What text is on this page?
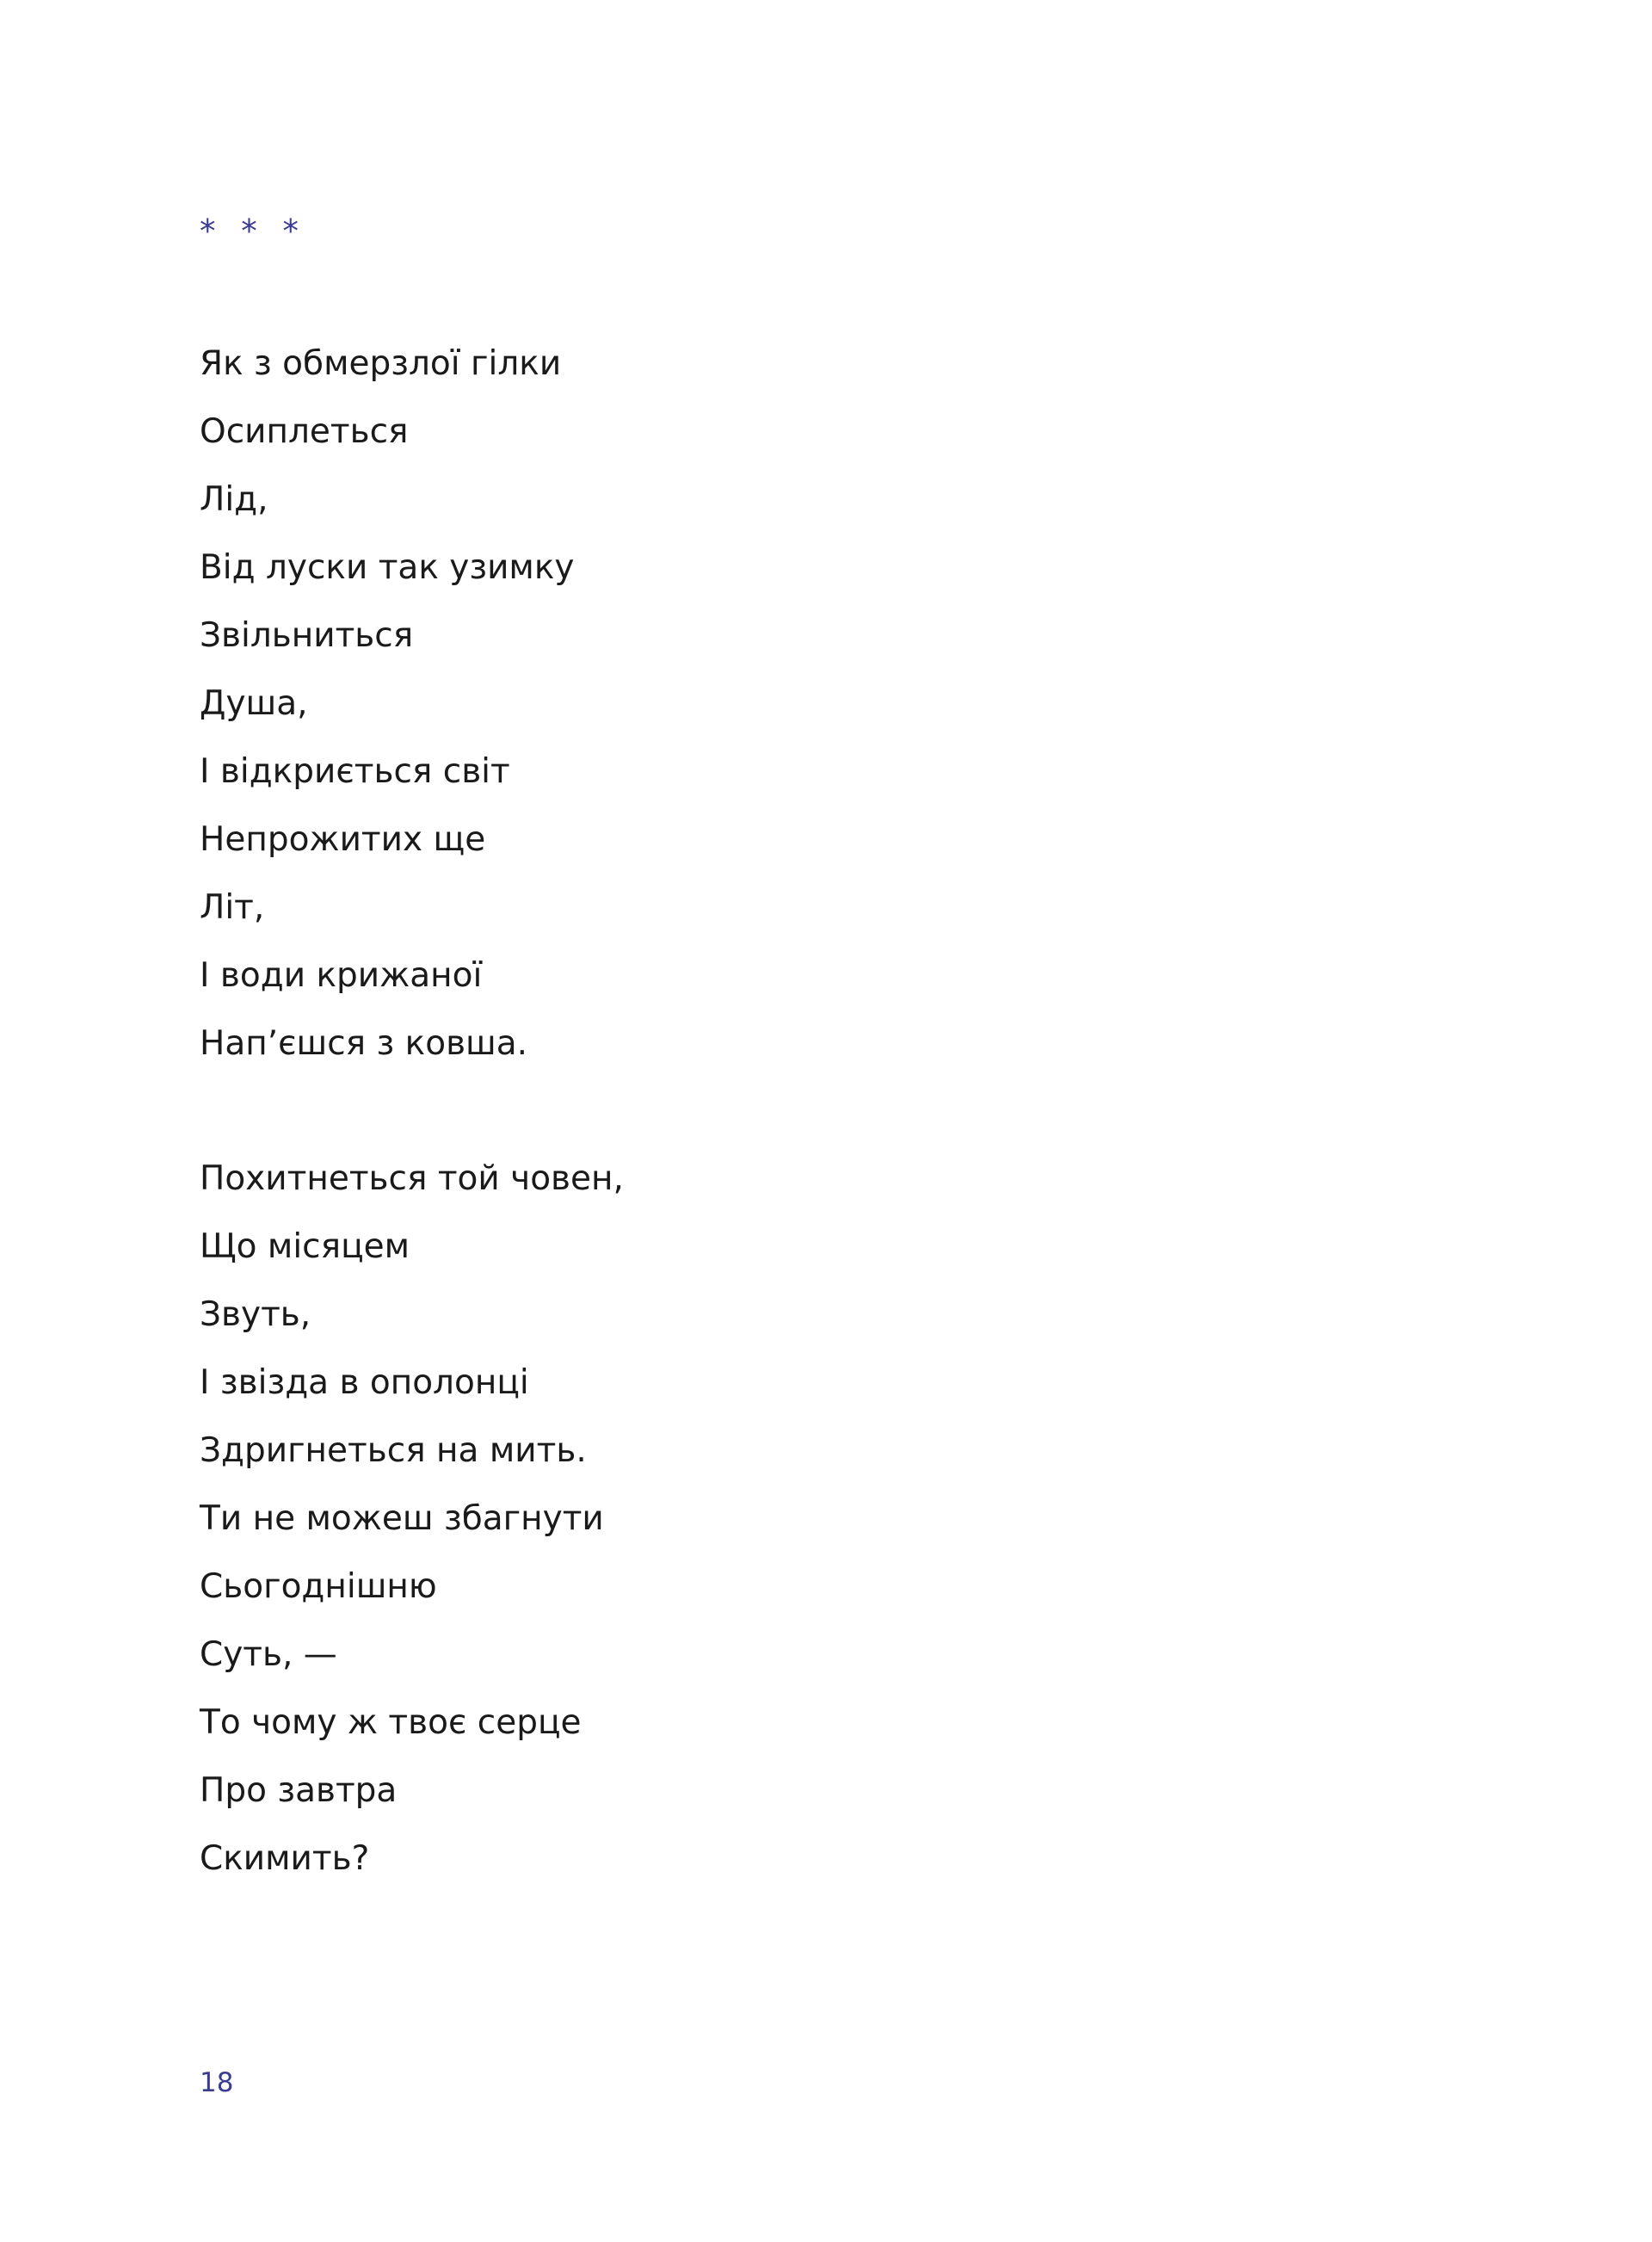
* * *
Як з обмерзлої гілки
Осиплеться
Лід,
Від луски так узимку
Звільниться
Душа,
І відкриється світ
Непрожитих ще
Літ,
І води крижаної
Нап’єшся з ковша.
Похитнеться той човен,
Що місяцем
Звуть,
І звізда в ополонці
Здригнеться на мить.
Ти не можеш збагнути
Сьогоднішню
Суть, —
То чому ж твоє серце
Про завтра
Скимить?
18
